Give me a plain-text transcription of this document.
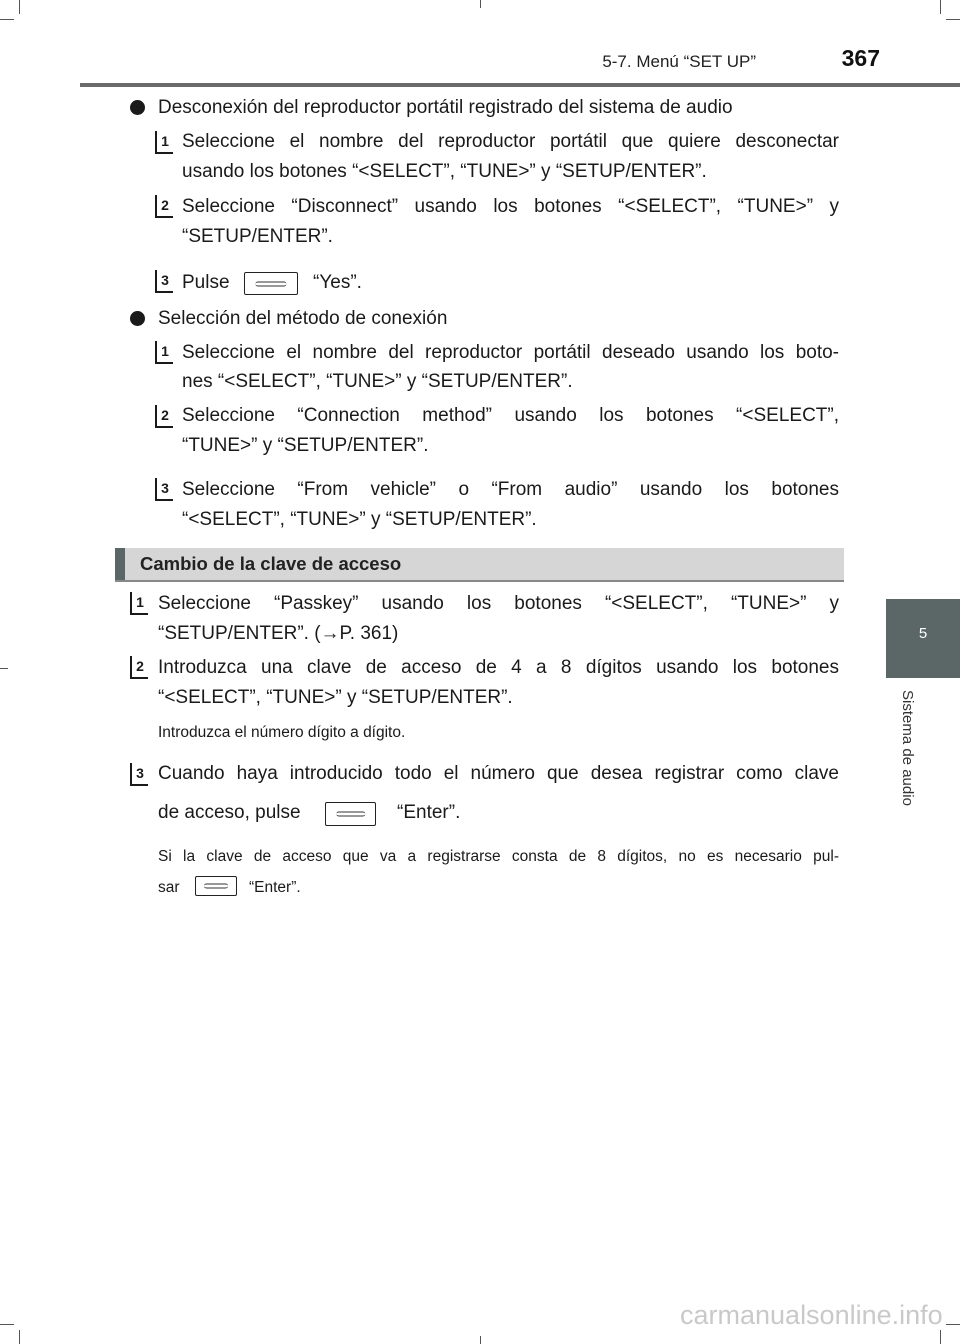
5-7. Menú “SET UP”	367
5
Sistema de audio
Desconexión del reproductor portátil registrado del sistema de audio
1 Seleccione el nombre del reproductor portátil que quiere desconectar
usando los botones “<SELECT”, “TUNE>” y “SETUP/ENTER”.
2 Seleccione “Disconnect” usando los botones “<SELECT”, “TUNE>” y
“SETUP/ENTER”.
3 Pulse	“Yes”.
Selección del método de conexión
1 Seleccione el nombre del reproductor portátil deseado usando los boto-
nes “<SELECT”, “TUNE>” y “SETUP/ENTER”.
2 Seleccione “Connection method” usando los botones “<SELECT”,
“TUNE>” y “SETUP/ENTER”.
3 Seleccione “From vehicle” o “From audio” usando los botones
“<SELECT”, “TUNE>” y “SETUP/ENTER”.
Cambio de la clave de acceso
1 Seleccione “Passkey” usando los botones “<SELECT”, “TUNE>” y
“SETUP/ENTER”. (→P. 361)
2 Introduzca una clave de acceso de 4 a 8 dígitos usando los botones
“<SELECT”, “TUNE>” y “SETUP/ENTER”.
Introduzca el número dígito a dígito.
3 Cuando haya introducido todo el número que desea registrar como clave
de acceso, pulse	“Enter”.
Si la clave de acceso que va a registrarse consta de 8 dígitos, no es necesario pul-
sar	“Enter”.
carmanualsonline.info
